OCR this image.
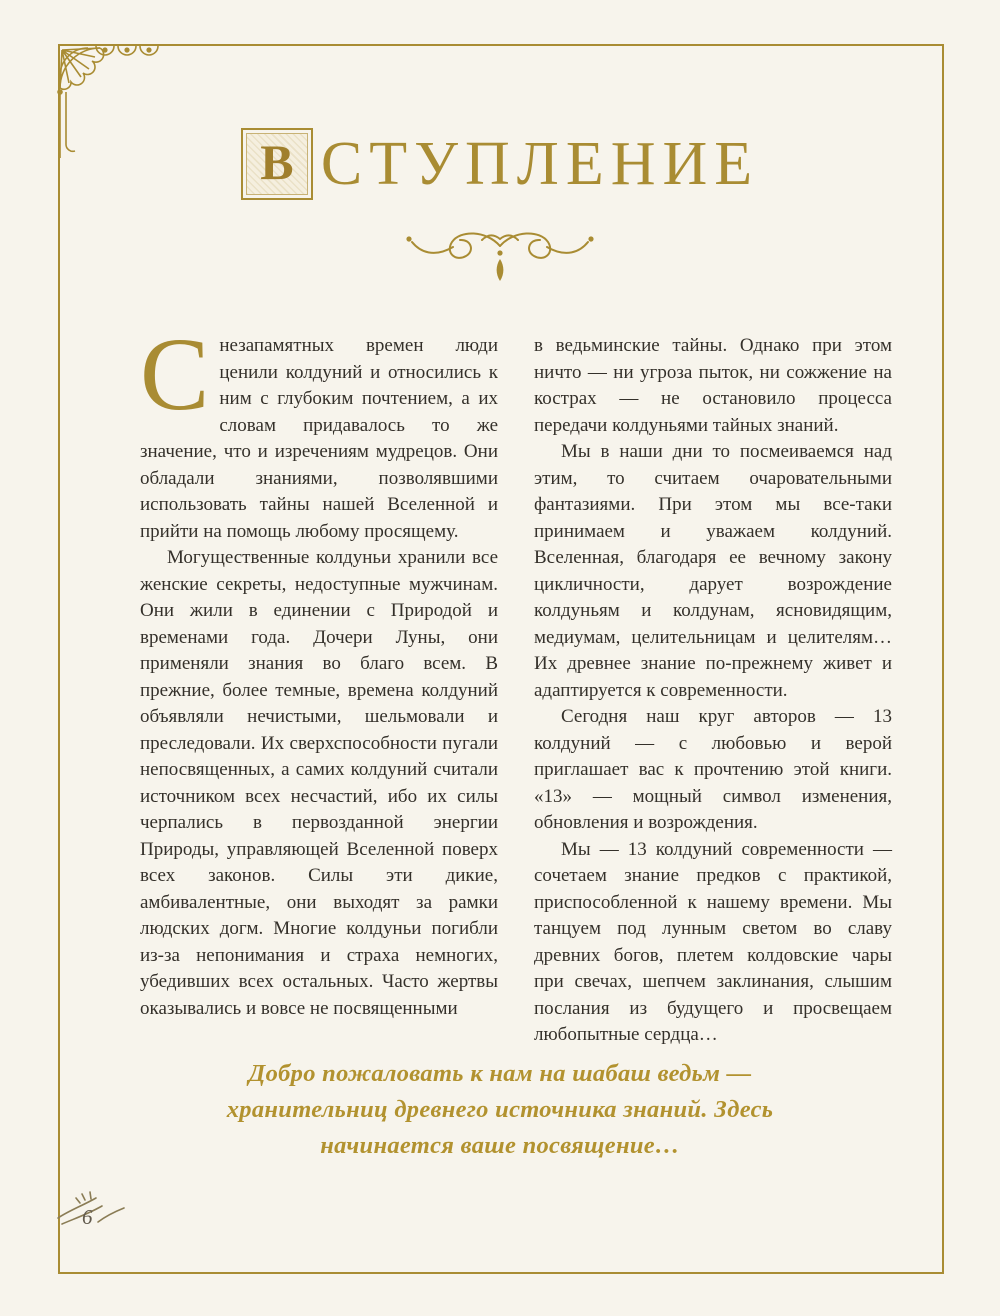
В СТУПЛЕНИЕ

Снезапамятных времен люди ценили колдуний и относились к ним с глубоким почтением, а их словам придавалось то же значение, что и изречениям мудрецов. Они обладали знаниями, позволявшими использовать тайны нашей Вселенной и прийти на помощь любому просящему.

Могущественные колдуньи хранили все женские секреты, недоступные мужчинам. Они жили в единении с Природой и временами года. Дочери Луны, они применяли знания во благо всем. В прежние, более темные, времена колдуний объявляли нечистыми, шельмовали и преследовали. Их сверхспособности пугали непосвященных, а самих колдуний считали источником всех несчастий, ибо их силы черпались в первозданной энергии Природы, управляющей Вселенной поверх всех законов. Силы эти дикие, амбивалентные, они выходят за рамки людских догм. Многие колдуньи погибли из-за непонимания и страха немногих, убедивших всех остальных. Часто жертвы оказывались и вовсе не посвященными

в ведьминские тайны. Однако при этом ничто — ни угроза пыток, ни сожжение на кострах — не остановило процесса передачи колдуньями тайных знаний.

Мы в наши дни то посмеиваемся над этим, то считаем очаровательными фантазиями. При этом мы все-таки принимаем и уважаем колдуний. Вселенная, благодаря ее вечному закону цикличности, дарует возрождение колдуньям и колдунам, ясновидящим, медиумам, целительницам и целителям… Их древнее знание по-прежнему живет и адаптируется к современности.

Сегодня наш круг авторов — 13 колдуний — с любовью и верой приглашает вас к прочтению этой книги. «13» — мощный символ изменения, обновления и возрождения.

Мы — 13 колдуний современности — сочетаем знание предков с практикой, приспособленной к нашему времени. Мы танцуем под лунным светом во славу древних богов, плетем колдовские чары при свечах, шепчем заклинания, слышим послания из будущего и просвещаем любопытные сердца…

Добро пожаловать к нам на шабаш ведьм —
хранительниц древнего источника знаний. Здесь
начинается ваше посвящение…
6
